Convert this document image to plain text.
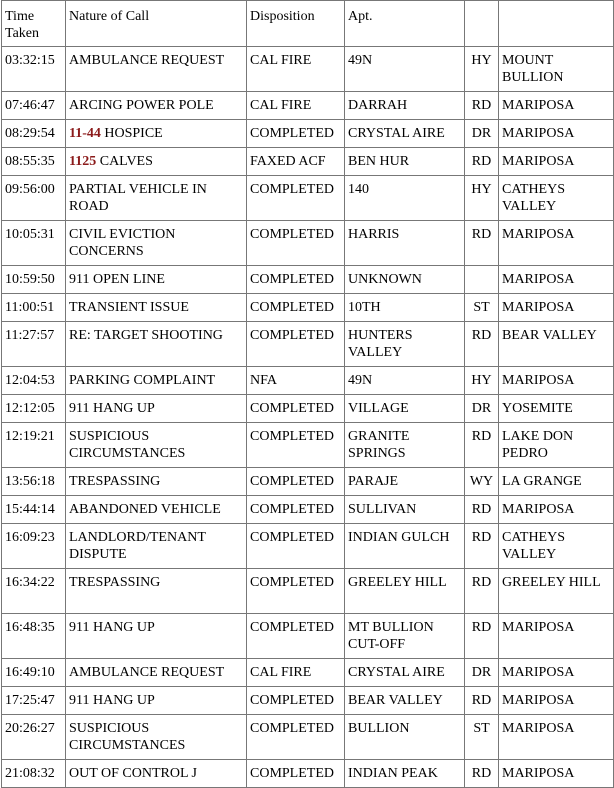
Time Taken	Nature of Call	Disposition	Apt.		
03:32:15	AMBULANCE REQUEST	CAL FIRE	49N	HY	MOUNT BULLION
07:46:47	ARCING POWER POLE	CAL FIRE	DARRAH	RD	MARIPOSA
08:29:54	11-44 HOSPICE	COMPLETED	CRYSTAL AIRE	DR	MARIPOSA
08:55:35	1125 CALVES	FAXED ACF	BEN HUR	RD	MARIPOSA
09:56:00	PARTIAL VEHICLE IN ROAD	COMPLETED	140	HY	CATHEYS VALLEY
10:05:31	CIVIL EVICTION CONCERNS	COMPLETED	HARRIS	RD	MARIPOSA
10:59:50	911 OPEN LINE	COMPLETED	UNKNOWN		MARIPOSA
11:00:51	TRANSIENT ISSUE	COMPLETED	10TH	ST	MARIPOSA
11:27:57	RE: TARGET SHOOTING	COMPLETED	HUNTERS VALLEY	RD	BEAR VALLEY
12:04:53	PARKING COMPLAINT	NFA	49N	HY	MARIPOSA
12:12:05	911 HANG UP	COMPLETED	VILLAGE	DR	YOSEMITE
12:19:21	SUSPICIOUS CIRCUMSTANCES	COMPLETED	GRANITE SPRINGS	RD	LAKE DON PEDRO
13:56:18	TRESPASSING	COMPLETED	PARAJE	WY	LA GRANGE
15:44:14	ABANDONED VEHICLE	COMPLETED	SULLIVAN	RD	MARIPOSA
16:09:23	LANDLORD/TENANT DISPUTE	COMPLETED	INDIAN GULCH	RD	CATHEYS VALLEY
16:34:22	TRESPASSING	COMPLETED	GREELEY HILL	RD	GREELEY HILL
16:48:35	911 HANG UP	COMPLETED	MT BULLION CUT-OFF	RD	MARIPOSA
16:49:10	AMBULANCE REQUEST	CAL FIRE	CRYSTAL AIRE	DR	MARIPOSA
17:25:47	911 HANG UP	COMPLETED	BEAR VALLEY	RD	MARIPOSA
20:26:27	SUSPICIOUS CIRCUMSTANCES	COMPLETED	BULLION	ST	MARIPOSA
21:08:32	OUT OF CONTROL J	COMPLETED	INDIAN PEAK	RD	MARIPOSA
